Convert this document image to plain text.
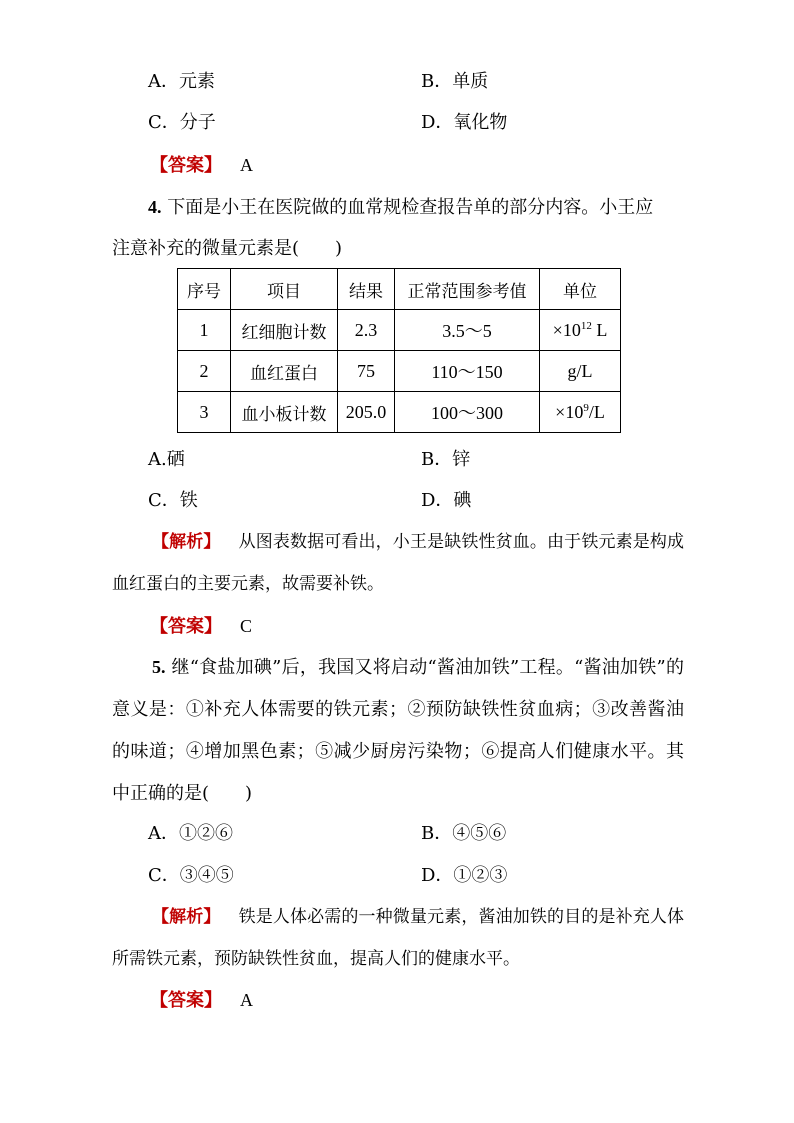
A．元素	B．单质
C．分子	D．氧化物
【答案】 A
4. 下面是小王在医院做的血常规检查报告单的部分内容。小王应
注意补充的微量元素是(　　)
序号	项目	结果	正常范围参考值	单位
1	红细胞计数	2.3	3.5～5	$\times 10^{12}$ L
2	血红蛋白	75	110～150	g/L
3	血小板计数	205.0	100～300	$\times 10^9/L$
A.硒	B．锌
C．铁	D．碘
【解析】 从图表数据可看出，小王是缺铁性贫血。由于铁元素是构成血红蛋白的主要元素，故需要补铁。
【答案】 C
5. 继“食盐加碘”后，我国又将启动“酱油加铁”工程。“酱油加铁”的意义是：①补充人体需要的铁元素；②预防缺铁性贫血病；③改善酱油的味道；④增加黑色素；⑤减少厨房污染物；⑥提高人们健康水平。其中正确的是(　　)
A．①②⑥	B．④⑤⑥
C．③④⑤	D．①②③
【解析】 铁是人体必需的一种微量元素，酱油加铁的目的是补充人体所需铁元素，预防缺铁性贫血，提高人们的健康水平。
【答案】 A
